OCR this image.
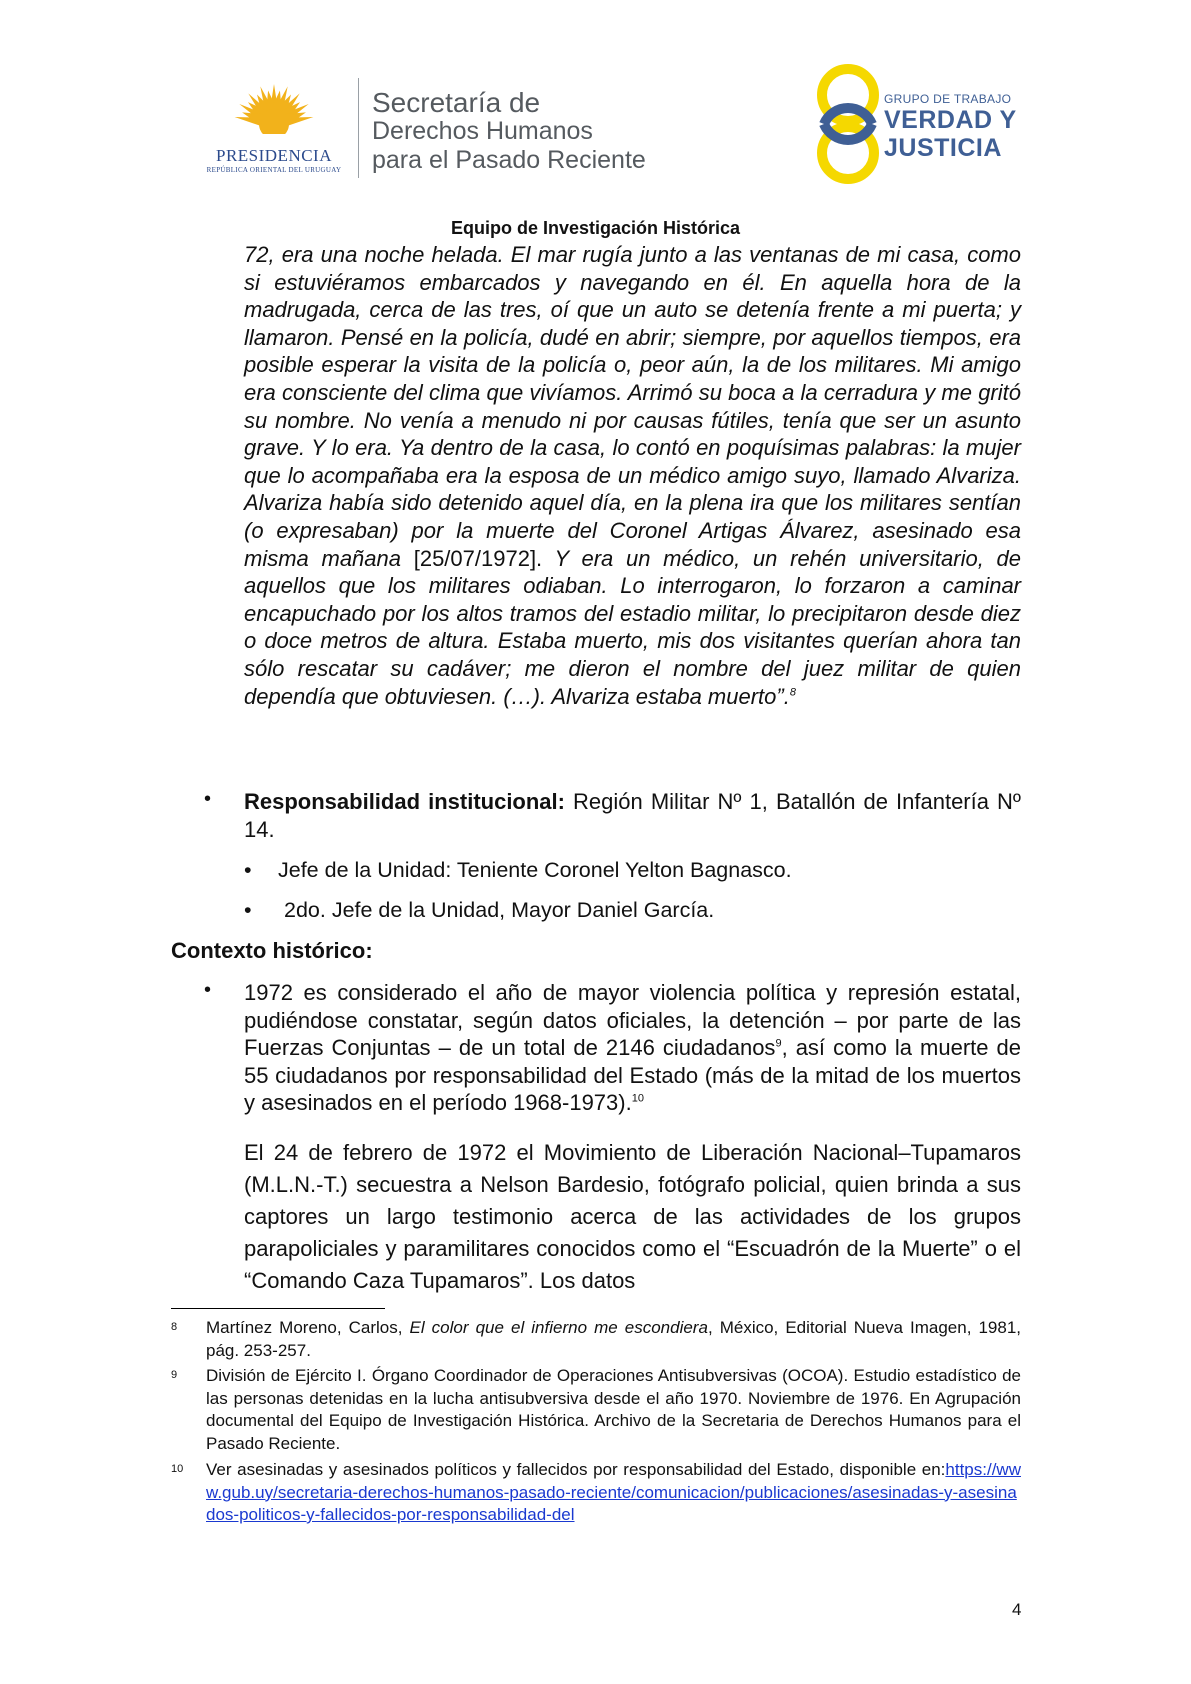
PRESIDENCIA
REPÚBLICA ORIENTAL DEL URUGUAY
Secretaría de
Derechos Humanos
para el Pasado Reciente
GRUPO DE TRABAJO
VERDAD Y
JUSTICIA
Equipo de Investigación Histórica
72, era una noche helada. El mar rugía junto a las ventanas de mi casa, como si estuviéramos embarcados y navegando en él. En aquella hora de la madrugada, cerca de las tres, oí que un auto se detenía frente a mi puerta; y llamaron. Pensé en la policía, dudé en abrir; siempre, por aquellos tiempos, era posible esperar la visita de la policía o, peor aún, la de los militares. Mi amigo era consciente del clima que vivíamos. Arrimó su boca a la cerradura y me gritó su nombre. No venía a menudo ni por causas fútiles, tenía que ser un asunto grave. Y lo era. Ya dentro de la casa, lo contó en poquísimas palabras: la mujer que lo acompañaba era la esposa de un médico amigo suyo, llamado Alvariza. Alvariza había sido detenido aquel día, en la plena ira que los militares sentían (o expresaban) por la muerte del Coronel Artigas Álvarez, asesinado esa misma mañana [25/07/1972]. Y era un médico, un rehén universitario, de aquellos que los militares odiaban. Lo interrogaron, lo forzaron a caminar encapuchado por los altos tramos del estadio militar, lo precipitaron desde diez o doce metros de altura. Estaba muerto, mis dos visitantes querían ahora tan sólo rescatar su cadáver; me dieron el nombre del juez militar de quien dependía que obtuviesen. (…). Alvariza estaba muerto”.$^8$
• Responsabilidad institucional: Región Militar Nº 1, Batallón de Infantería Nº 14.
• Jefe de la Unidad: Teniente Coronel Yelton Bagnasco.
• 2do. Jefe de la Unidad, Mayor Daniel García.
Contexto histórico:
• 1972 es considerado el año de mayor violencia política y represión estatal, pudiéndose constatar, según datos oficiales, la detención – por parte de las Fuerzas Conjuntas – de un total de 2146 ciudadanos$^9$, así como la muerte de 55 ciudadanos por responsabilidad del Estado (más de la mitad de los muertos y asesinados en el período 1968-1973).$^{10}$
El 24 de febrero de 1972 el Movimiento de Liberación Nacional–Tupamaros (M.L.N.-T.) secuestra a Nelson Bardesio, fotógrafo policial, quien brinda a sus captores un largo testimonio acerca de las actividades de los grupos parapoliciales y paramilitares conocidos como el “Escuadrón de la Muerte” o el “Comando Caza Tupamaros”. Los datos
8 Martínez Moreno, Carlos, El color que el infierno me escondiera, México, Editorial Nueva Imagen, 1981, pág. 253-257.
9 División de Ejército I. Órgano Coordinador de Operaciones Antisubversivas (OCOA). Estudio estadístico de las personas detenidas en la lucha antisubversiva desde el año 1970. Noviembre de 1976. En Agrupación documental del Equipo de Investigación Histórica. Archivo de la Secretaria de Derechos Humanos para el Pasado Reciente.
10 Ver asesinadas y asesinados políticos y fallecidos por responsabilidad del Estado, disponible en:https://www.gub.uy/secretaria-derechos-humanos-pasado-reciente/comunicacion/publicaciones/asesinadas-y-asesinados-politicos-y-fallecidos-por-responsabilidad-del
4
